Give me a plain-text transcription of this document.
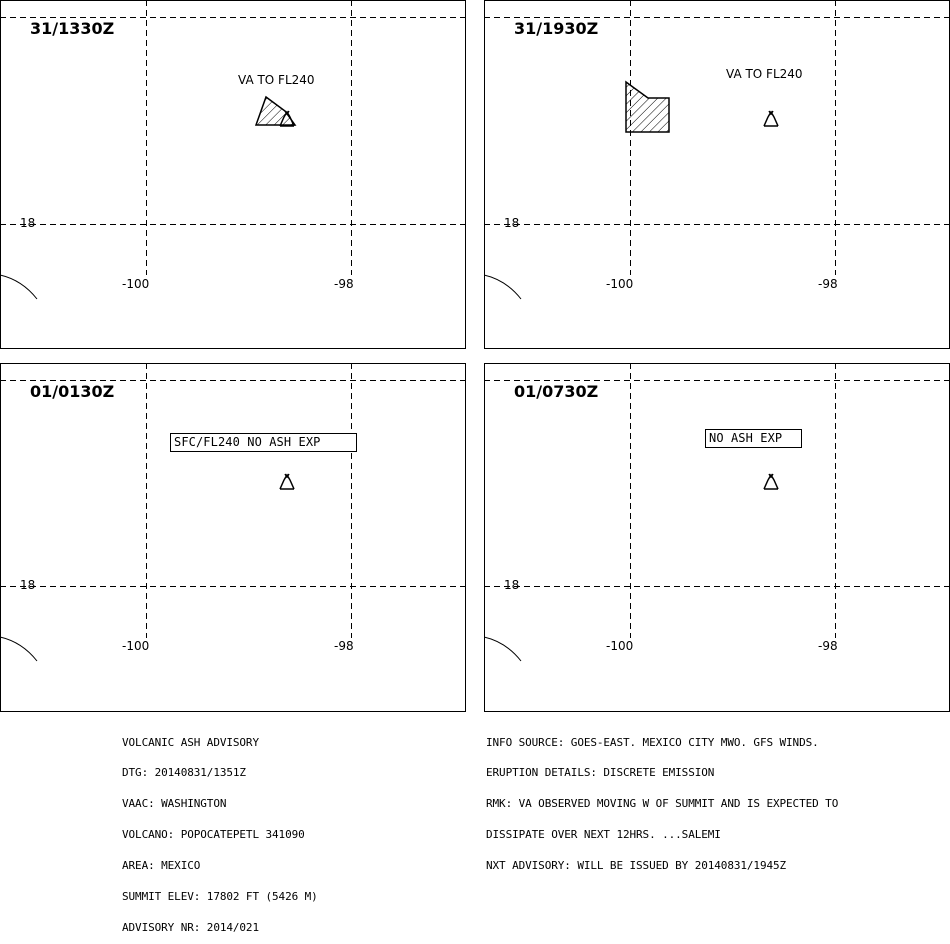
31/1330Z
VA TO FL240
18
-100	-98
31/1930Z
VA TO FL240
18
-100	-98
01/0130Z
SFC/FL240 NO ASH EXP
18
-100	-98
01/0730Z
NO ASH EXP
18
-100	-98

VOLCANIC ASH ADVISORY

DTG: 20140831/1351Z

VAAC: WASHINGTON

VOLCANO: POPOCATEPETL 341090

AREA: MEXICO

SUMMIT ELEV: 17802 FT (5426 M)

ADVISORY NR: 2014/021

INFO SOURCE: GOES-EAST. MEXICO CITY MWO. GFS WINDS.

ERUPTION DETAILS: DISCRETE EMISSION

RMK: VA OBSERVED MOVING W OF SUMMIT AND IS EXPECTED TO

DISSIPATE OVER NEXT 12HRS. ...SALEMI

NXT ADVISORY: WILL BE ISSUED BY 20140831/1945Z
